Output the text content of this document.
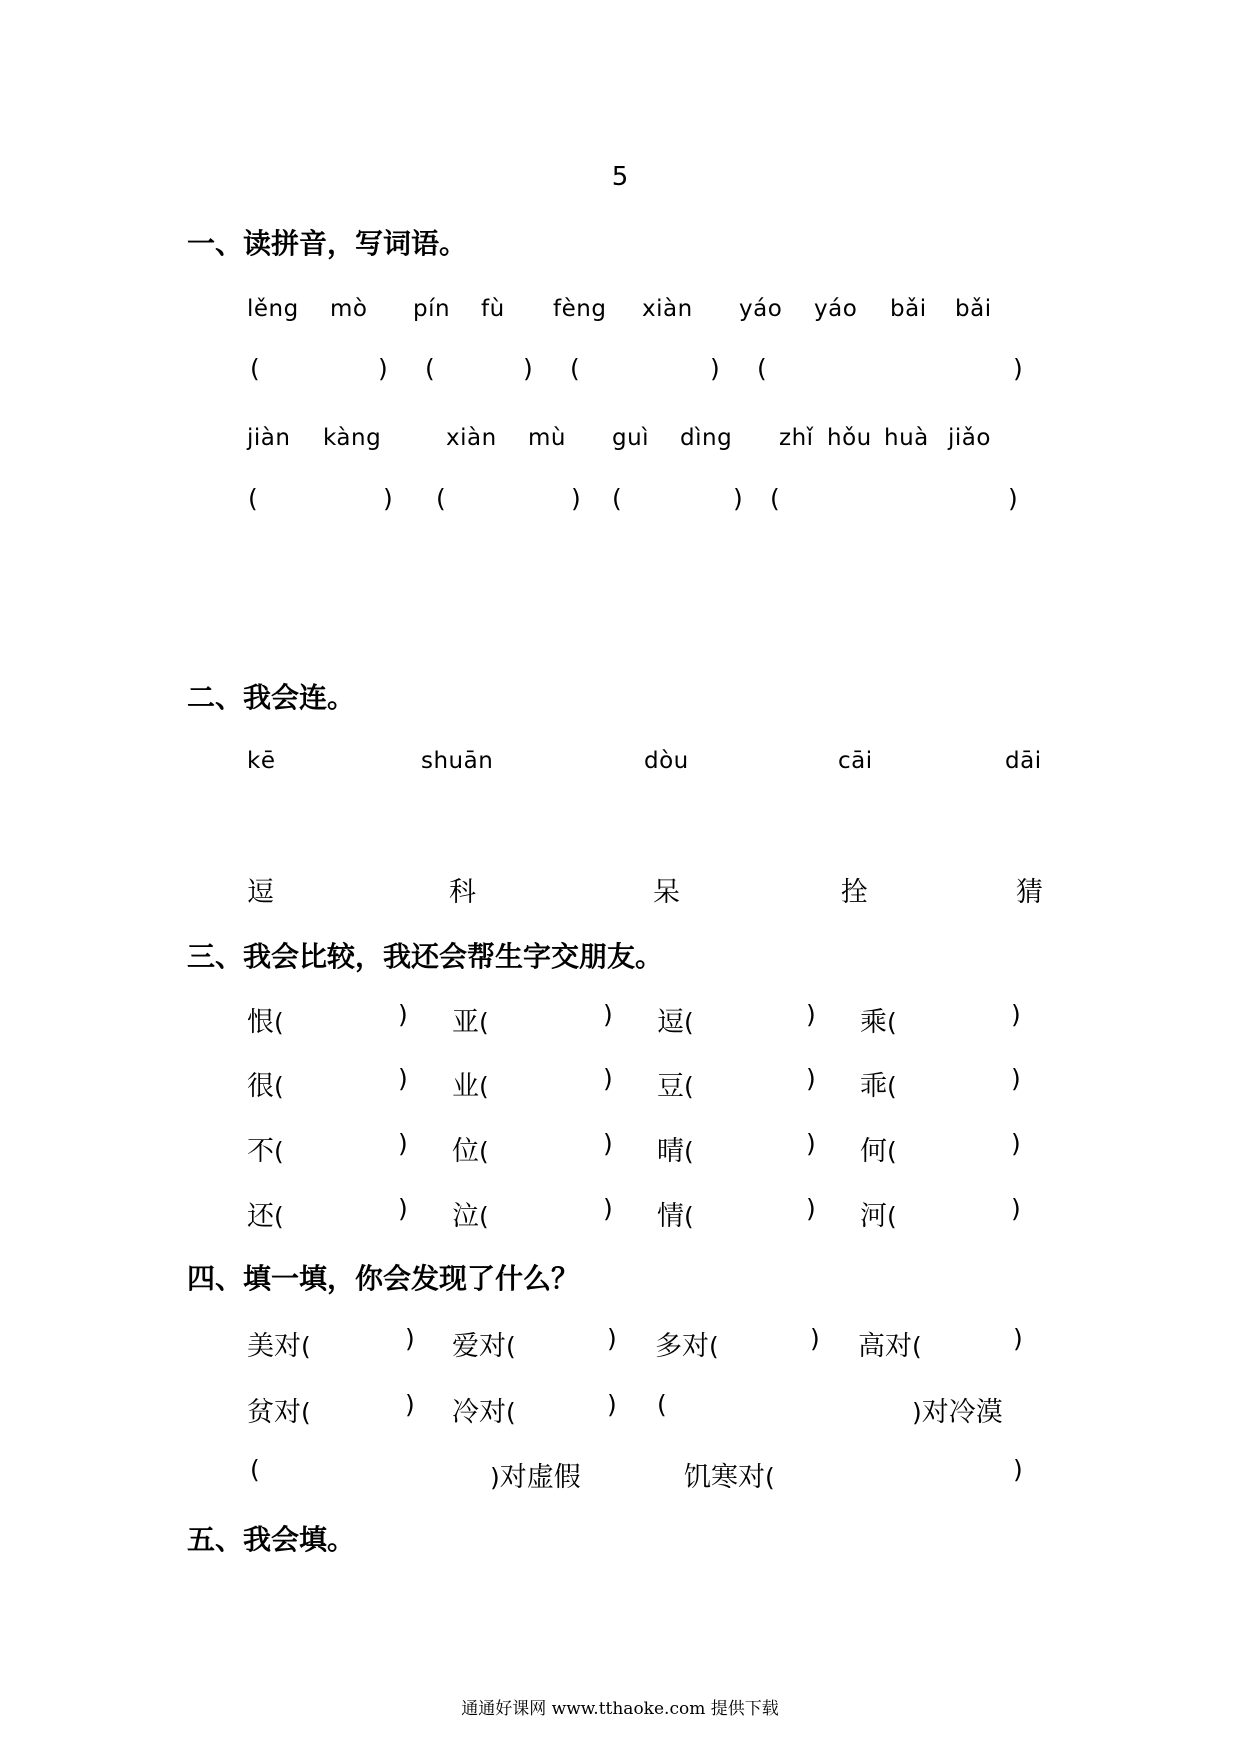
5
一、读拼音，写词语。
lěng mò pín fù fèng xiàn yáo yáo bǎi bǎi
(	) (	) (	) (	)
jiàn kàng	xiàn mù guì dìng zhǐ hǒu huà jiǎo
(	) (	) (	) (	)
二、我会连。
kē	shuān	dòu	cāi	dāi
逗	科	呆	拴	猜
三、我会比较，我还会帮生字交朋友。
恨(	) 亚(	) 逗(	) 乘(	)
很(	) 业(	) 豆(	) 乖(	)
不(	) 位(	) 晴(	) 何(	)
还(	) 泣(	) 情(	) 河(	)
四、填一填，你会发现了什么？
美对(	) 爱对(	) 多对(	) 高对(	)
贫对(	) 冷对(	) (	)对冷漠
(	)对虚假	饥寒对(	)
五、我会填。
通通好课网 www.tthaoke.com 提供下载
